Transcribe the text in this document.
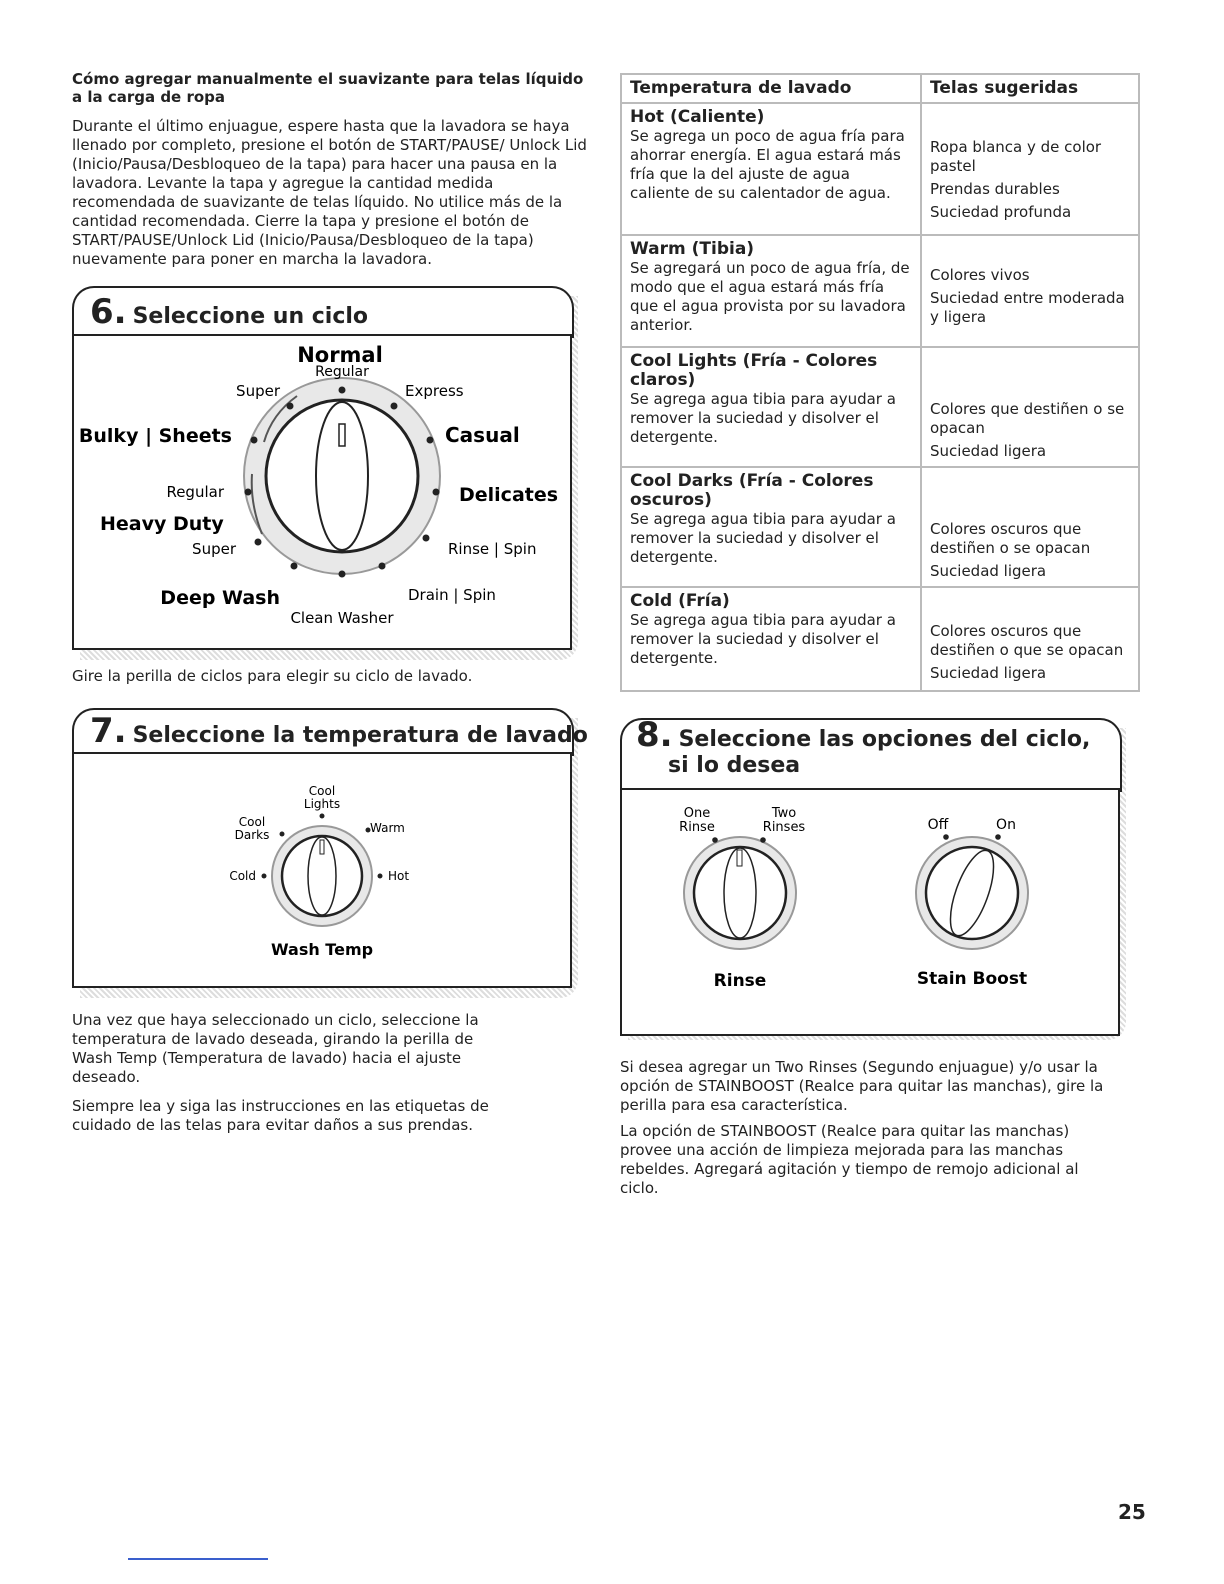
Cómo agregar manualmente el suavizante para telas líquido a la carga de ropa
Durante el último enjuague, espere hasta que la lavadora se haya llenado por completo, presione el botón de START/PAUSE/ Unlock Lid (Inicio/Pausa/Desbloqueo de la tapa) para hacer una pausa en la lavadora. Levante la tapa y agregue la cantidad medida recomendada de suavizante de telas líquido. No utilice más de la cantidad recomendada. Cierre la tapa y presione el botón de START/PAUSE/Unlock Lid (Inicio/Pausa/Desbloqueo de la tapa) nuevamente para poner en marcha la lavadora.
6. Seleccione un ciclo
Normal
Regular
Super	Express
Bulky | Sheets	Casual
Regular	Delicates
Heavy Duty
Super	Rinse | Spin
Deep Wash	Drain | Spin
Clean Washer
Gire la perilla de ciclos para elegir su ciclo de lavado.
7. Seleccione la temperatura de lavado
Cool
Lights
Cool
Darks	Warm
Cold	Hot
Wash Temp
Una vez que haya seleccionado un ciclo, seleccione la temperatura de lavado deseada, girando la perilla de Wash Temp (Temperatura de lavado) hacia el ajuste deseado.
Siempre lea y siga las instrucciones en las etiquetas de cuidado de las telas para evitar daños a sus prendas.
Temperatura de lavado	Telas sugeridas

Hot (Caliente)
Se agrega un poco de agua fría para ahorrar energía. El agua estará más fría que la del ajuste de agua caliente de su calentador de agua.	Ropa blanca y de color pastel
Prendas durables
Suciedad profunda

Warm (Tibia)
Se agregará un poco de agua fría, de modo que el agua estará más fría que el agua provista por su lavadora anterior.	Colores vivos
Suciedad entre moderada y ligera

Cool Lights (Fría - Colores claros)
Se agrega agua tibia para ayudar a remover la suciedad y disolver el detergente.	Colores que destiñen o se opacan
Suciedad ligera

Cool Darks (Fría - Colores oscuros)
Se agrega agua tibia para ayudar a remover la suciedad y disolver el detergente.	Colores oscuros que destiñen o se opacan
Suciedad ligera

Cold (Fría)
Se agrega agua tibia para ayudar a remover la suciedad y disolver el detergente.	Colores oscuros que destiñen o que se opacan
Suciedad ligera
8. Seleccione las opciones del ciclo,
si lo desea
One
Rinse
Two
Rinses
Rinse
Off	On
Stain Boost
Si desea agregar un Two Rinses (Segundo enjuague) y/o usar la opción de STAINBOOST (Realce para quitar las manchas), gire la perilla para esa característica.
La opción de STAINBOOST (Realce para quitar las manchas) provee una acción de limpieza mejorada para las manchas rebeldes. Agregará agitación y tiempo de remojo adicional al ciclo.
25
